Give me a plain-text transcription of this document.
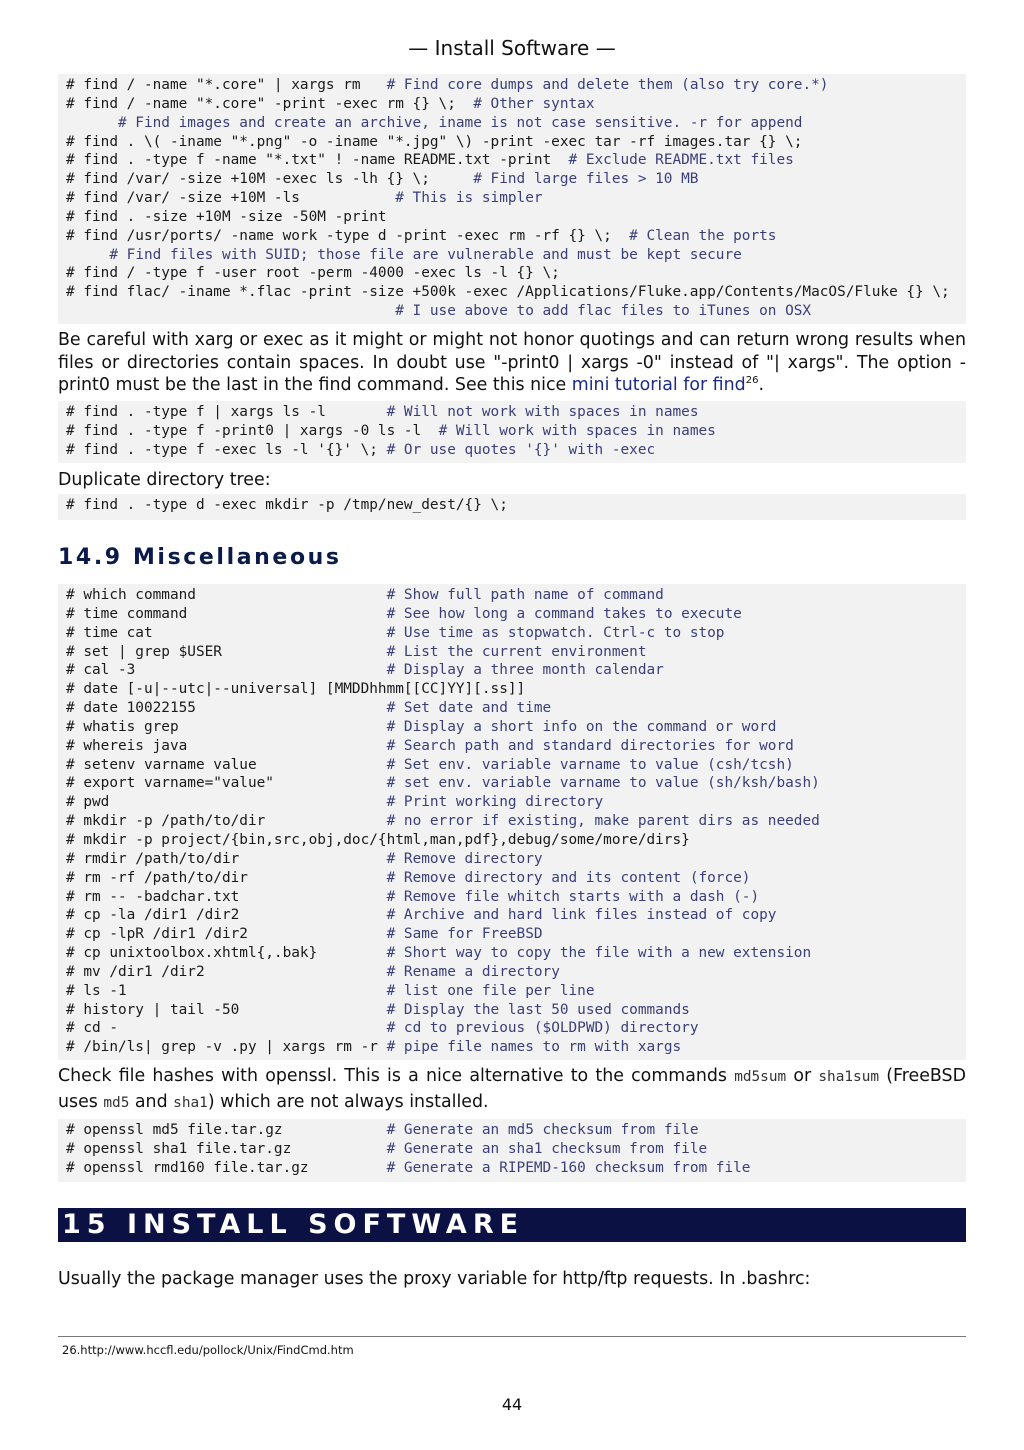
— Install Software —
# find / -name "*.core" | xargs rm   # Find core dumps and delete them (also try core.*)
# find / -name "*.core" -print -exec rm {} \;  # Other syntax
# Find images and create an archive, iname is not case sensitive. -r for append
# find . \( -iname "*.png" -o -iname "*.jpg" \) -print -exec tar -rf images.tar {} \;
# find . -type f -name "*.txt" ! -name README.txt -print  # Exclude README.txt files
# find /var/ -size +10M -exec ls -lh {} \;     # Find large files > 10 MB
# find /var/ -size +10M -ls           # This is simpler
# find . -size +10M -size -50M -print
# find /usr/ports/ -name work -type d -print -exec rm -rf {} \;  # Clean the ports
# Find files with SUID; those file are vulnerable and must be kept secure
# find / -type f -user root -perm -4000 -exec ls -l {} \;
# find flac/ -iname *.flac -print -size +500k -exec /Applications/Fluke.app/Contents/MacOS/Fluke {} \;
# I use above to add flac files to iTunes on OSX
Be careful with xarg or exec as it might or might not honor quotings and can return wrong results when files or directories contain spaces. In doubt use "-print0 | xargs -0" instead of "| xargs". The option -print0 must be the last in the find command. See this nice mini tutorial for find$^{26}$.
# find . -type f | xargs ls -l       # Will not work with spaces in names
# find . -type f -print0 | xargs -0 ls -l  # Will work with spaces in names
# find . -type f -exec ls -l '{}' \; # Or use quotes '{}' with -exec
Duplicate directory tree:
# find . -type d -exec mkdir -p /tmp/new_dest/{} \;
14.9 Miscellaneous
# which command                      # Show full path name of command
# time command                       # See how long a command takes to execute
# time cat                           # Use time as stopwatch. Ctrl-c to stop
# set | grep $USER                   # List the current environment
# cal -3                             # Display a three month calendar
# date [-u|--utc|--universal] [MMDDhhmm[[CC]YY][.ss]]
# date 10022155                      # Set date and time
# whatis grep                        # Display a short info on the command or word
# whereis java                       # Search path and standard directories for word
# setenv varname value               # Set env. variable varname to value (csh/tcsh)
# export varname="value"             # set env. variable varname to value (sh/ksh/bash)
# pwd                                # Print working directory
# mkdir -p /path/to/dir              # no error if existing, make parent dirs as needed
# mkdir -p project/{bin,src,obj,doc/{html,man,pdf},debug/some/more/dirs}
# rmdir /path/to/dir                 # Remove directory
# rm -rf /path/to/dir                # Remove directory and its content (force)
# rm -- -badchar.txt                 # Remove file whitch starts with a dash (-)
# cp -la /dir1 /dir2                 # Archive and hard link files instead of copy
# cp -lpR /dir1 /dir2                # Same for FreeBSD
# cp unixtoolbox.xhtml{,.bak}        # Short way to copy the file with a new extension
# mv /dir1 /dir2                     # Rename a directory
# ls -1                              # list one file per line
# history | tail -50                 # Display the last 50 used commands
# cd -                               # cd to previous ($OLDPWD) directory
# /bin/ls| grep -v .py | xargs rm -r # pipe file names to rm with xargs
Check file hashes with openssl. This is a nice alternative to the commands md5sum or sha1sum (FreeBSD uses md5 and sha1) which are not always installed.
# openssl md5 file.tar.gz            # Generate an md5 checksum from file
# openssl sha1 file.tar.gz           # Generate an sha1 checksum from file
# openssl rmd160 file.tar.gz         # Generate a RIPEMD-160 checksum from file
15 INSTALL SOFTWARE
Usually the package manager uses the proxy variable for http/ftp requests. In .bashrc:
26.http://www.hccfl.edu/pollock/Unix/FindCmd.htm
44
